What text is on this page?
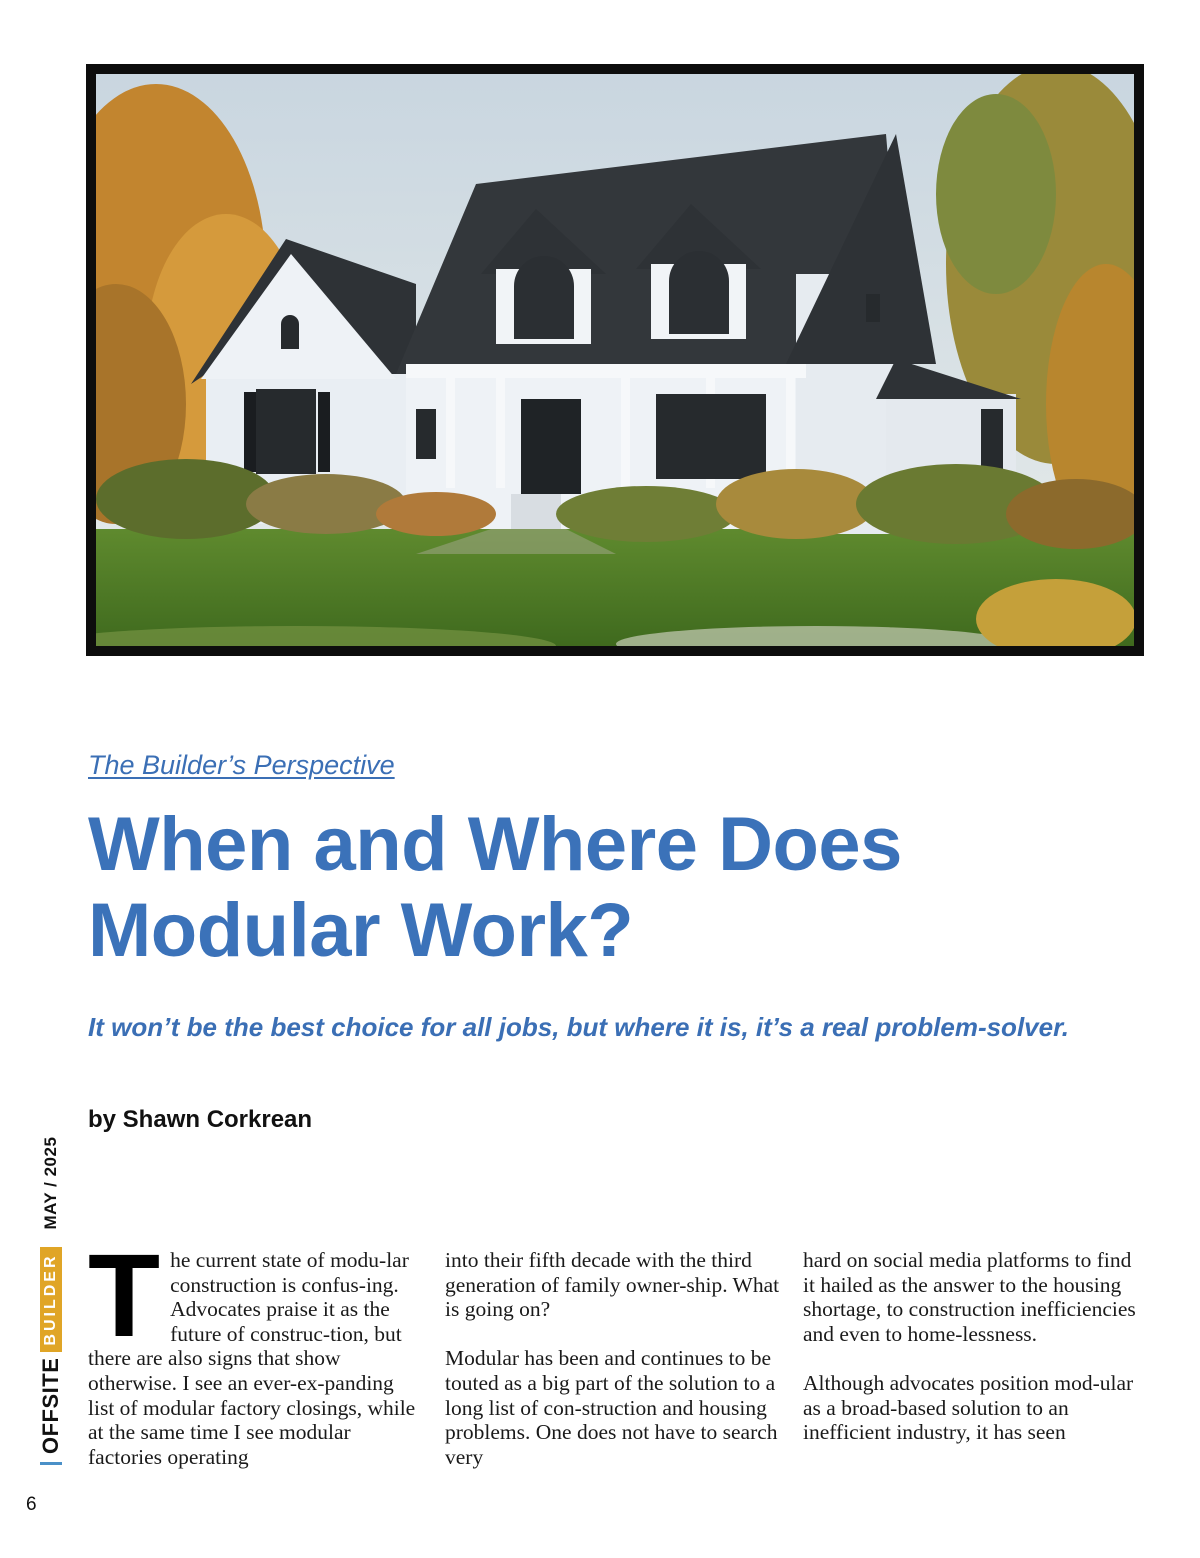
The Builder’s Perspective

When and Where Does Modular Work?

It won’t be the best choice for all jobs, but where it is, it’s a real problem-solver.

by Shawn Corkrean

T he current state of modu-lar construction is confus-ing. Advocates praise it as the future of construc-tion, but there are also signs that show otherwise. I see an ever-ex-panding list of modular factory closings, while at the same time I see modular factories operating

into their fifth decade with the third generation of family owner-ship. What is going on?

Modular has been and continues to be touted as a big part of the solution to a long list of con-struction and housing problems. One does not have to search very

hard on social media platforms to find it hailed as the answer to the housing shortage, to construction inefficiencies and even to home-lessness.

Although advocates position mod-ular as a broad-based solution to an inefficient industry, it has seen

OFFSITE
BUILDER
MAY / 2025

6
